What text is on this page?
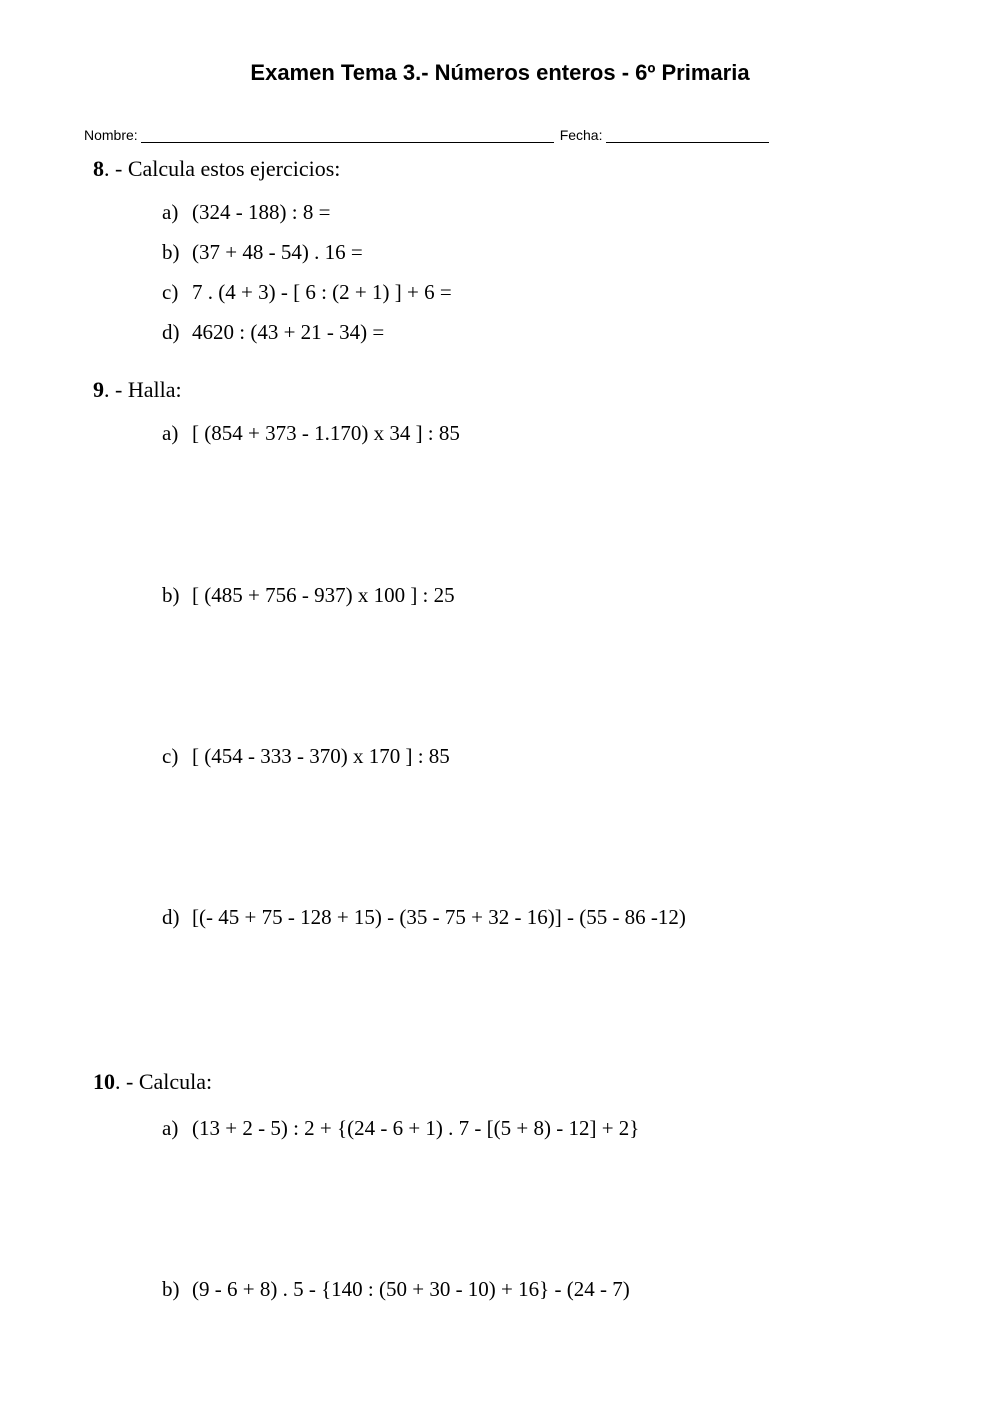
Examen Tema 3.- Números enteros - 6º Primaria
Nombre:	Fecha:
8. - Calcula estos ejercicios:
a) (324 - 188) : 8 =
b) (37 + 48 - 54) . 16 =
c) 7 . (4 + 3) - [ 6 : (2 + 1) ] + 6 =
d) 4620 : (43 + 21 - 34) =
9. - Halla:
a) [ (854 + 373 - 1.170) x 34 ] : 85
b) [ (485 + 756 - 937) x 100 ] : 25
c) [ (454 - 333 - 370) x 170 ] : 85
d) [(- 45 + 75 - 128 + 15) - (35 - 75 + 32 - 16)] - (55 - 86 -12)
10. - Calcula:
a) (13 + 2 - 5) : 2 + {(24 - 6 + 1) . 7 - [(5 + 8) - 12] + 2}
b) (9 - 6 + 8) . 5 - {140 : (50 + 30 - 10) + 16} - (24 - 7)
